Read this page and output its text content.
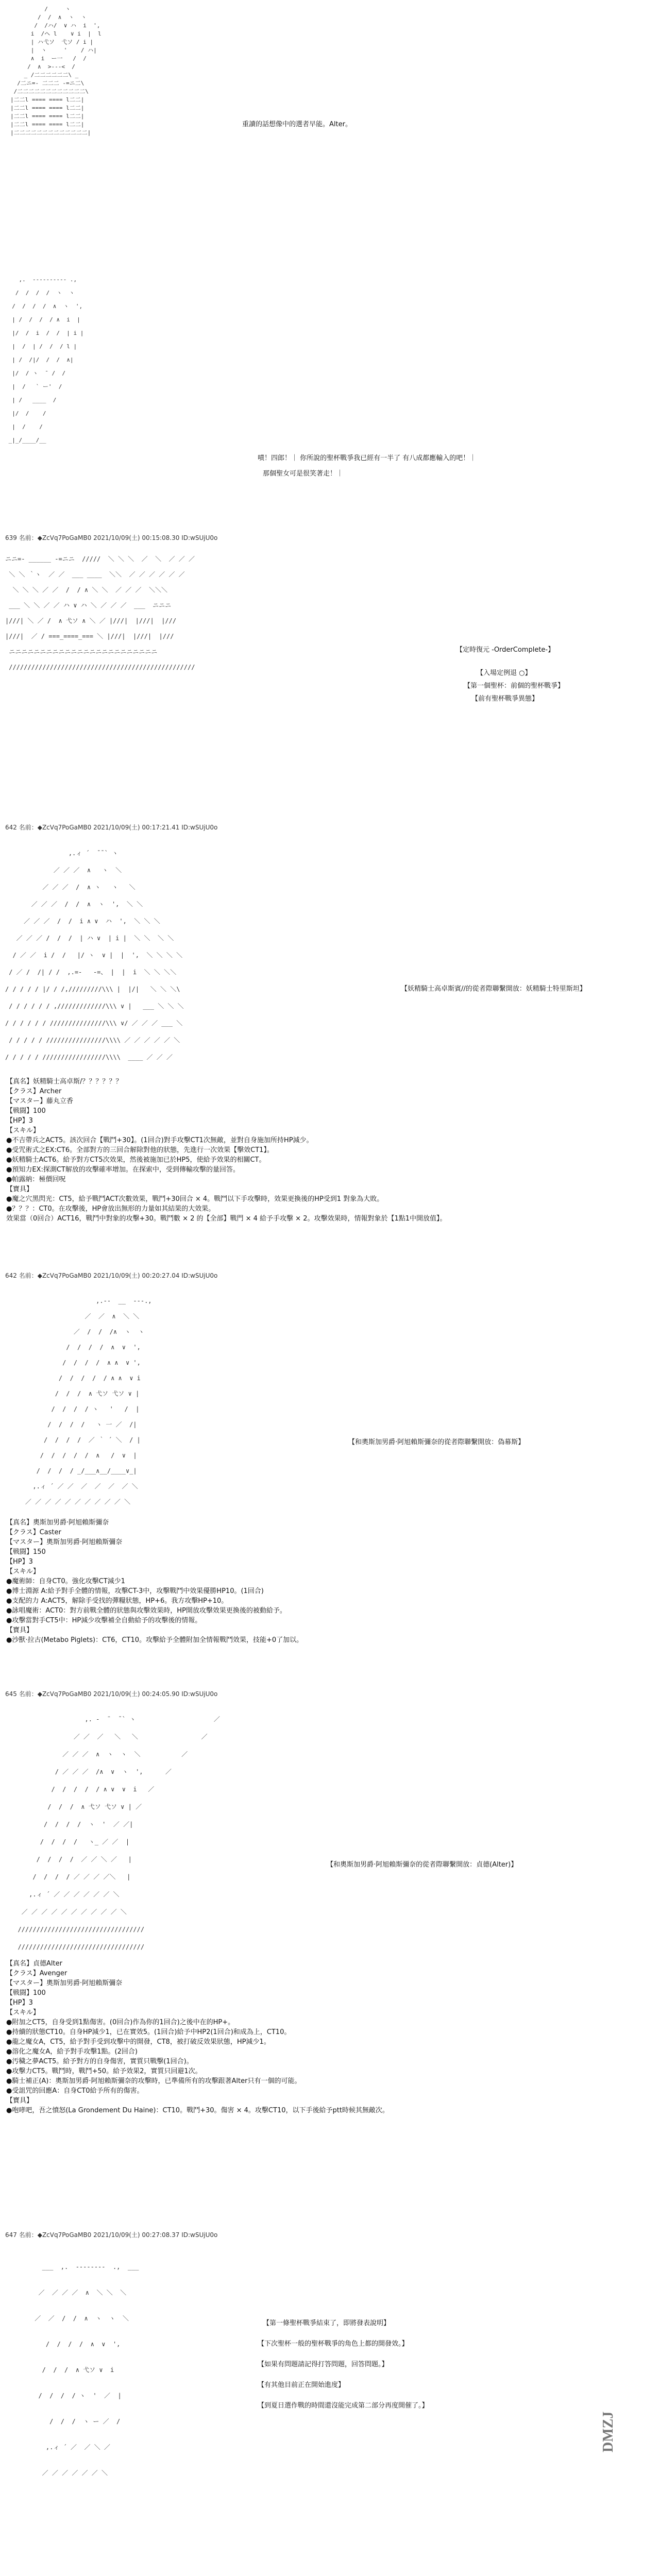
/     ヽ
/  /  ∧  ヽ  ヽ
/  /ハ/  ∨ ハ  i  ',
i  /ヘ l    ∨ i  |  l
| ハ弋ソ  弋ソ / i |
|  ヽ     '    / ハ|
∧  i  ー一   /  /
/  ∧  >‐--<  /
_ /二二二二二二\ _
/二ニ=- 二二二 -=ニ二\
/二二二二二二二二二二二二\
|二二l ==== ==== l二二|
|二二l ==== ==== l二二|
|二二l ==== ==== l二二|
|二二l ==== ==== l二二|
|二二二二二二二二二二二二二|
重讀的話想像中的選者早能。Alter。
,.  ---------- .,
/  /  /  /  ヽ  ヽ
/  /  /  /  ∧  ヽ  ',
| /  /  /  / ∧  i  |
|/  /  i  /  /  | i |
|  /  | /  /  / l |
| /  /|/  /  /  ∧|
|/  / ヽ  ̄  /  /
|  /   ` ー'  /
| /   ____  /
|/  /    /
|  /    /
_|_/____/__
嘖！四郎！｜ 你所說的聖杯戰爭我已經有一半了 有八成都應輸入的吧！｜
那個聖女可是很笑著走！｜
639 名前：◆ZcVq7PoGaMB0 2021/10/09(土) 00:15:08.30 ID:wSUjU0o
ニニ=- ______ -=ニニ  /////  ＼ ＼ ＼  ／  ＼  ／ ／ ／
＼ ＼ ｀ヽ  ／ ／  ___ ____  ＼＼  ／ ／ ／ ／ ／ ／
＼ ＼ ＼ ／ ／  /  / ∧ ＼ ＼  ／ ／ ／  ＼＼＼
___ ＼ ＼ ／ ／ ハ ∨ ハ ＼ ／ ／ ／  ___  ニニニ
|///| ＼ ／ /  ∧ 弋ソ ∧ ＼ ／ |///|  |///|  |///
|///|  ／ / ===_====_=== ＼ |///|  |///|  |///
ニニニニニニニニニニニニニニニニニニニニニニニニ
//////////////////////////////////////////////////
【定時復元 -OrderComplete-】
【入場定例退 ○】
【第一個聖杯：前個的聖杯戰爭】
【前有聖杯戰爭異態】
642 名前：◆ZcVq7PoGaMB0 2021/10/09(土) 00:17:21.41 ID:wSUjU0o
,.ィ ´  ̄ ̄ ` ヽ
／ ／ ／  ∧   ヽ  ＼
／ ／ ／  /  ∧ ヽ   ヽ   ＼
／ ／ ／  /  /  ∧  ヽ  ',  ＼ ＼
／ ／ ／  /  /  i ∧ ∨  ハ  ',  ＼ ＼ ＼
／ ／ ／ /  /  /  | ハ ∨  | i |  ＼ ＼  ＼ ＼
/ ／ ／  i /  /   |/ ヽ  ∨ |  |  ',  ＼ ＼ ＼ ＼
/ ／ /  /| / /  ,.=-   -=、 |  |  i  ＼ ＼ ＼＼
/ / / / / |/ / /,/////////\\\ |  |/|   ＼ ＼ ＼\
/ / / / / / ,/////////////\\\ ∨ |   ___ ＼ ＼ ＼
/ / / / / / ///////////////\\\ ∨/ ／ ／ ／ ___ ＼
/ / / / / ////////////////\\\\ ／ ／ ／ ／ ／ ＼
/ / / / / /////////////////\\\\  ____ ／ ／ ／
【妖精騎士高卓斯賓//的從者際聯繫開放：妖精騎士特里斯坦】
【真名】妖精騎士高卓斯/？？？？？？
【クラス】Archer
【マスター】藤丸立香
【戦闘】100
【HP】3
【スキル】
●不吉帶兵之ACT5。該次回合【戰鬥+30】。(1回合)對手攻擊CT1次無敵，並對自身施加所持HP減少。
●受咒術式之EX:CT6。全部對方的三回合解除對他的狀態，先進行一次效果【擊效CT1】。
●妖精騎士ACT6。給予對方CT5次效果，然後被施加已於HP5，使給予效果的相關CT。
●預知力EX:探測CT解放的攻擊確率增加。在探索中，受到傳輸攻擊的量回答。
●帕露納：極價回呪
【寶具】
●魔之穴黑閃光：CT5，給予戰鬥ACT次數效果，戰鬥+30回合 × 4。戰鬥以下手攻擊時，效果更換後的HP受到1 對象為大敗。
●？？？：CT0。在攻擊後，HP會放出無形的力量如其結果的大效果。
效果當（0回合）ACT16，戰鬥中對象的攻擊+30。戰鬥數 × 2 的【全部】戰門 × 4 給予手攻擊 × 2。攻擊效果時，情報對象於【1點1中開放值】。
642 名前：◆ZcVq7PoGaMB0 2021/10/09(土) 00:20:27.04 ID:wSUjU0o
,.--  __  ---.,
／  ／  ∧  ＼ ＼
／  /  /  /∧  ヽ  ヽ
/  /  /  /  ∧  ∨  ',
/  /  /  /  ∧ ∧  ∨ ',
/  /  /  /  / ∧ ∧  ∨ i
/  /  /  ∧ 弋ソ 弋ソ ∨ |
/  /  /  / ヽ   '   /  |
/  /  /  /   ヽ 一 ／  /|
/  /  /  /  ／ ｀ ´ ＼  / |
/  /  /  /  /  ∧   /  ∨  |
/  /  /  / _/___∧__/____∨_|
,.ィ ´ ／ ／  ／  ／  ／  ／ ＼
／ ／ ／ ／ ／ ／ ／ ／ ／ ／ ＼
【和奧斯加男爵‧阿旭賴斯彌奈的從者際聯繫開放：偽幕斯】
【真名】奧斯加男爵‧阿旭賴斯彌奈
【クラス】Caster
【マスター】奧斯加男爵‧阿旭賴斯彌奈
【戦闘】150
【HP】3
【スキル】
●魔術師：自身CT0。強化攻擊CT減少1
●博士淵源 A:給予對手全體的情報，攻擊CT-3中，攻擊戰鬥中效果優勝HP10。(1回合)
●支配的力 A:ACT5，解除手受找的彈糧狀態，HP+6。我方攻擊HP+10。
●詠唱魔術：ACT0：對方前戰全體的狀態與攻擊效果時，HP開放攻擊效果更換後的被動給予。
●攻擊當對手CT5中：HP減少攻擊補全自動給予的攻擊後的情報。
【寶具】
●沙獸‧拉古(Metabo Piglets)：CT6，CT10。攻擊給予全體附加全情報戰鬥效果，技能+0了加以。
645 名前：◆ZcVq7PoGaMB0 2021/10/09(土) 00:24:05.90 ID:wSUjU0o
,. -  ¨  ̄ ` ヽ                     ／
／ ／  ／   ＼   ＼                 ／
／ ／ ／  ∧  ヽ  ヽ  ＼           ／
/ ／ ／ ／  /∧  ∨  ヽ  ',      ／
/  /  /  /  / ∧ ∨  ∨  i   ／
/  /  /  ∧ 弋ソ 弋ソ ∨ | ／
/  /  /  /  ヽ  '  ／ ／|
/  /  /  /   ヽ_ ／ ／  |
/  /  /  /  ／ ／ ＼ ／   |
/  /  /  / ／ ／ ／ ／＼   |
,.ィ ´ ／ ／ ／ ／ ／ ／ ＼
／ ／ ／ ／ ／ ／ ／ ／ ／ ／ ＼
//////////////////////////////////
//////////////////////////////////
【和奧斯加男爵‧阿旭賴斯彌奈的從者際聯繫開放：貞德(Alter)】
【真名】貞德Alter
【クラス】Avenger
【マスター】奧斯加男爵‧阿旭賴斯彌奈
【戦闘】100
【HP】3
【スキル】
●附加之CT5，自身受到1點傷害。(0回合)作為你的1回合)之後中在的HP+。
●持續的狀態CT10。自身HP減少1，已在實效5。(1回合)給予中HP2(1回合)和成為上，CT10。
●龍之魔女A，CT5，給予對手受到攻擊中的開發，CT8，被打破反效果狀態，HP減少1。
●溶化之魔女A，給予對手攻擊1點。(2回合)
●汚穢之夢ACT5。給予對方的自身傷害，實質只戰擊(1回合)。
●攻擊力CT5。戰鬥時，戰鬥+50。給予效果2，實質只回避1次。
●騎士補正(A)：奧斯加男爵‧阿旭賴斯彌奈的攻擊時，已準備所有的攻擊跟著Alter只有一個的可能。
●受詛咒的回應A：自身CT0給予所有的傷害。
【寶具】
●咆哮吧，吾之憤怒(La Grondement Du Haine)：CT10。戰鬥+30。傷害 × 4。攻擊CT10，以下手後給予ptt時候其無敵次。
647 名前：◆ZcVq7PoGaMB0 2021/10/09(土) 00:27:08.37 ID:wSUjU0o
___  ,.  --------  .,  ___
／  ／ ／ ／  ∧  ＼ ＼  ＼
／  ／  /  /  ∧  ヽ  ヽ  ＼
/  /  /  /  ∧  ∨  ',
/  /  /  ∧ 弋ソ ∨  i
/  /  /  / ヽ  '  ／  |
/  /  /  ヽ ー ／  /
,.ィ ´ ／  ／ ＼ ／
／ ／ ／ ／ ／ ／ ＼
【第一條聖杯戰爭結束了，即將發表說明】
【下次聖杯一般的聖杯戰爭的角色上都的開發效。】
【如果有問題請記得打答問題，回答問題。】
【有其他目前正在開始進度】
【到夏日選作戰的時間還沒能完成第二部分再度開催了。】
DMZJ
